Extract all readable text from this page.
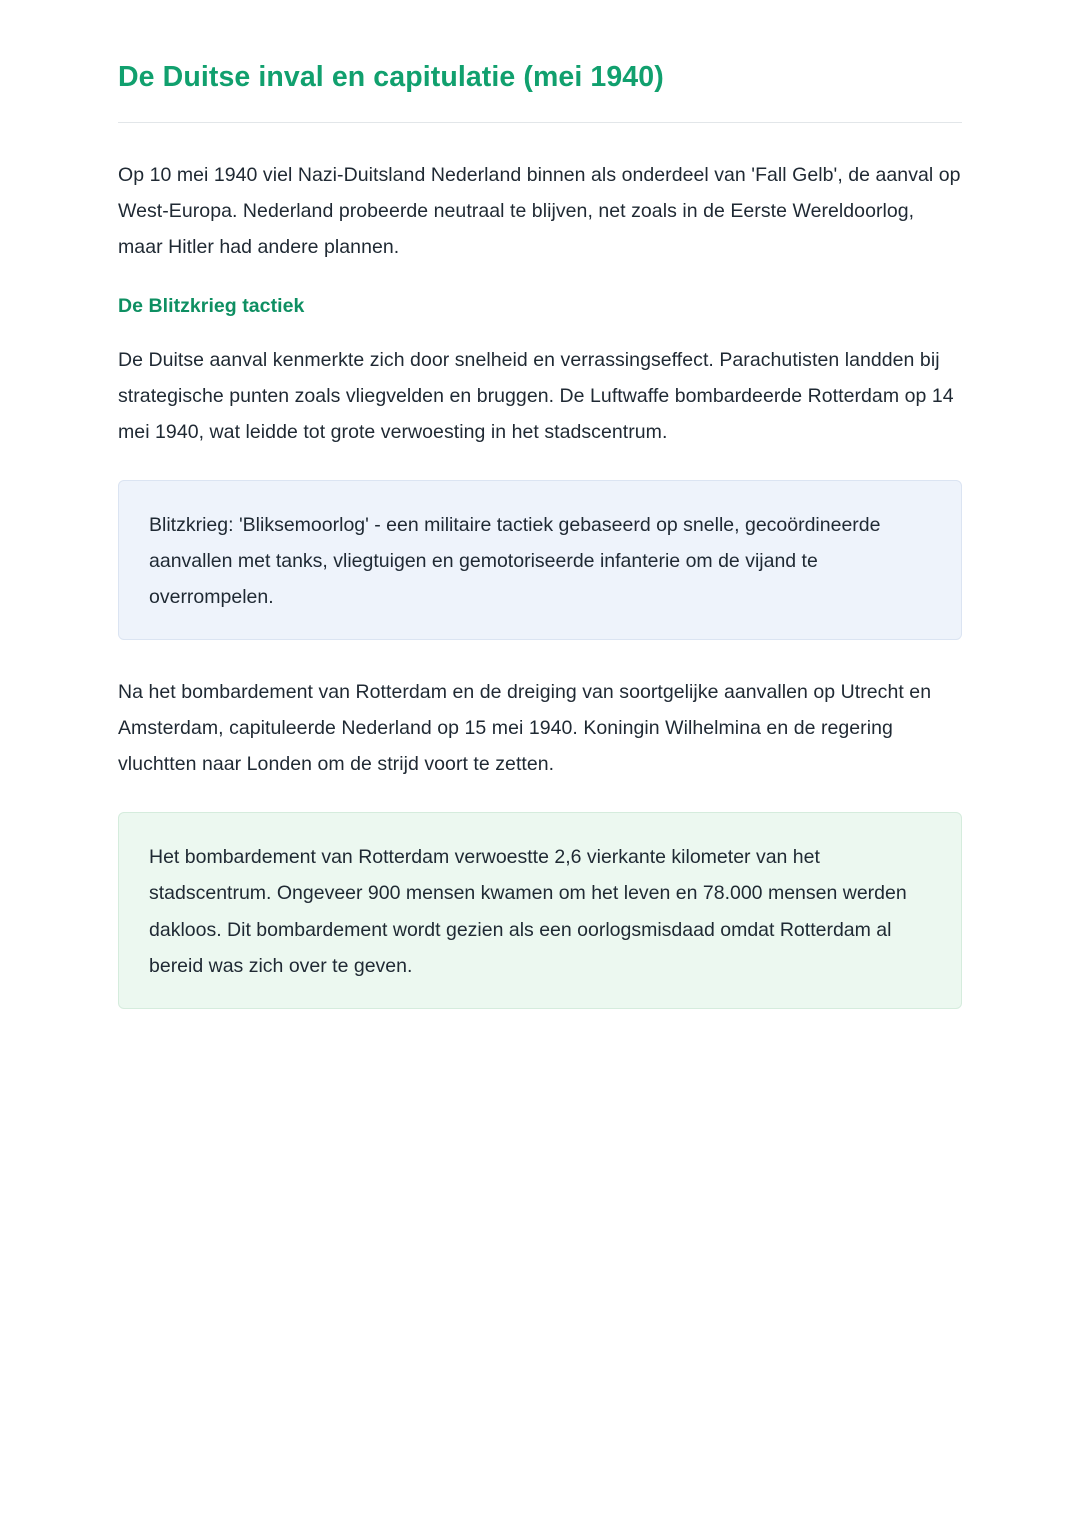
De Duitse inval en capitulatie (mei 1940)

Op 10 mei 1940 viel Nazi-Duitsland Nederland binnen als onderdeel van 'Fall Gelb', de aanval op West-Europa. Nederland probeerde neutraal te blijven, net zoals in de Eerste Wereldoorlog, maar Hitler had andere plannen.

De Blitzkrieg tactiek

De Duitse aanval kenmerkte zich door snelheid en verrassingseffect. Parachutisten landden bij strategische punten zoals vliegvelden en bruggen. De Luftwaffe bombardeerde Rotterdam op 14 mei 1940, wat leidde tot grote verwoesting in het stadscentrum.

Blitzkrieg: 'Bliksemoorlog' - een militaire tactiek gebaseerd op snelle, gecoördineerde aanvallen met tanks, vliegtuigen en gemotoriseerde infanterie om de vijand te overrompelen.

Na het bombardement van Rotterdam en de dreiging van soortgelijke aanvallen op Utrecht en Amsterdam, capituleerde Nederland op 15 mei 1940. Koningin Wilhelmina en de regering vluchtten naar Londen om de strijd voort te zetten.

Het bombardement van Rotterdam verwoestte 2,6 vierkante kilometer van het stadscentrum. Ongeveer 900 mensen kwamen om het leven en 78.000 mensen werden dakloos. Dit bombardement wordt gezien als een oorlogsmisdaad omdat Rotterdam al bereid was zich over te geven.
